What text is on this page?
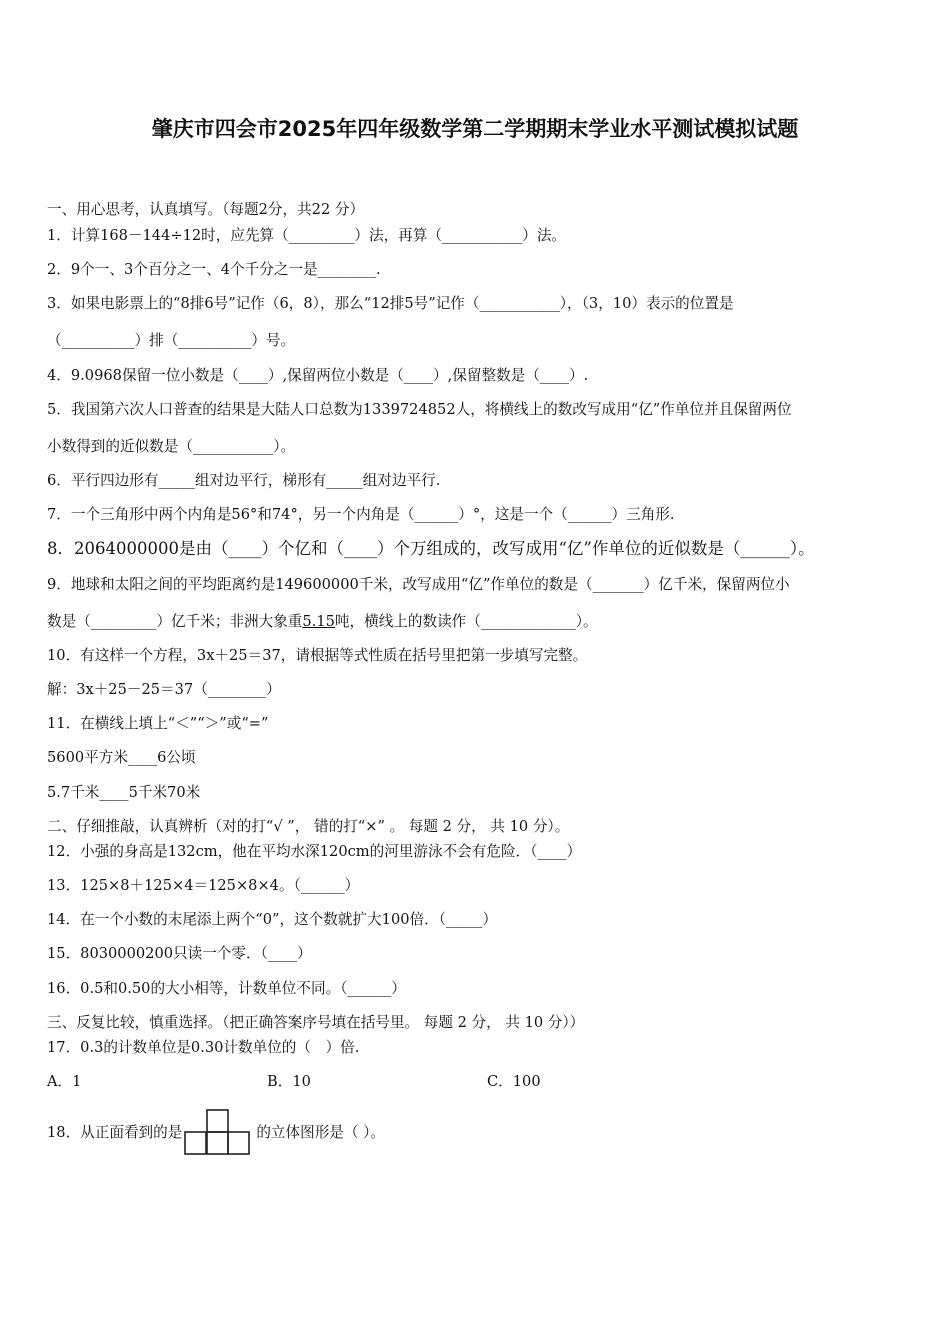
肇庆市四会市2025年四年级数学第二学期期末学业水平测试模拟试题
一、用心思考，认真填写。（每题2分，共22 分）
1．计算168－144÷12时，应先算（_________）法，再算（___________）法。
2．9个一、3个百分之一、4个千分之一是________.
3．如果电影票上的“8排6号”记作（6，8），那么“12排5号”记作（___________），（3，10）表示的位置是
（__________）排（__________）号。
4．9.0968保留一位小数是（____）,保留两位小数是（____）,保留整数是（____）.
5．我国第六次人口普查的结果是大陆人口总数为1339724852人，将横线上的数改写成用“亿”作单位并且保留两位
小数得到的近似数是（___________）。
6．平行四边形有_____组对边平行，梯形有_____组对边平行.
7．一个三角形中两个内角是56°和74°，另一个内角是（______）°，这是一个（______）三角形.
8．2064000000是由（____）个亿和（____）个万组成的，改写成用“亿”作单位的近似数是（______）。
9．地球和太阳之间的平均距离约是149600000千米，改写成用“亿”作单位的数是（_______）亿千米，保留两位小
数是（_________）亿千米；非洲大象重5.15吨，横线上的数读作（_____________）。
10．有这样一个方程，3x＋25＝37，请根据等式性质在括号里把第一步填写完整。
解：3x＋25－25＝37（________）
11．在横线上填上“＜”“＞”或“=”
5600平方米____6公顷
5.7千米____5千米70米
二、仔细推敲，认真辨析（对的打“√ ”， 错的打“×” 。 每题 2 分， 共 10 分）。
12．小强的身高是132cm，他在平均水深120cm的河里游泳不会有危险．（____）
13．125×8＋125×4＝125×8×4。（______）
14．在一个小数的末尾添上两个“0”，这个数就扩大100倍．（_____）
15．8030000200只读一个零．（____）
16．0.5和0.50的大小相等，计数单位不同。（______）
三、反复比较，慎重选择。（把正确答案序号填在括号里。 每题 2 分， 共 10 分））
17．0.3的计数单位是0.30计数单位的（　）倍.
A．1	B．10	C．100
18．从正面看到的是	的立体图形是（ ）。
